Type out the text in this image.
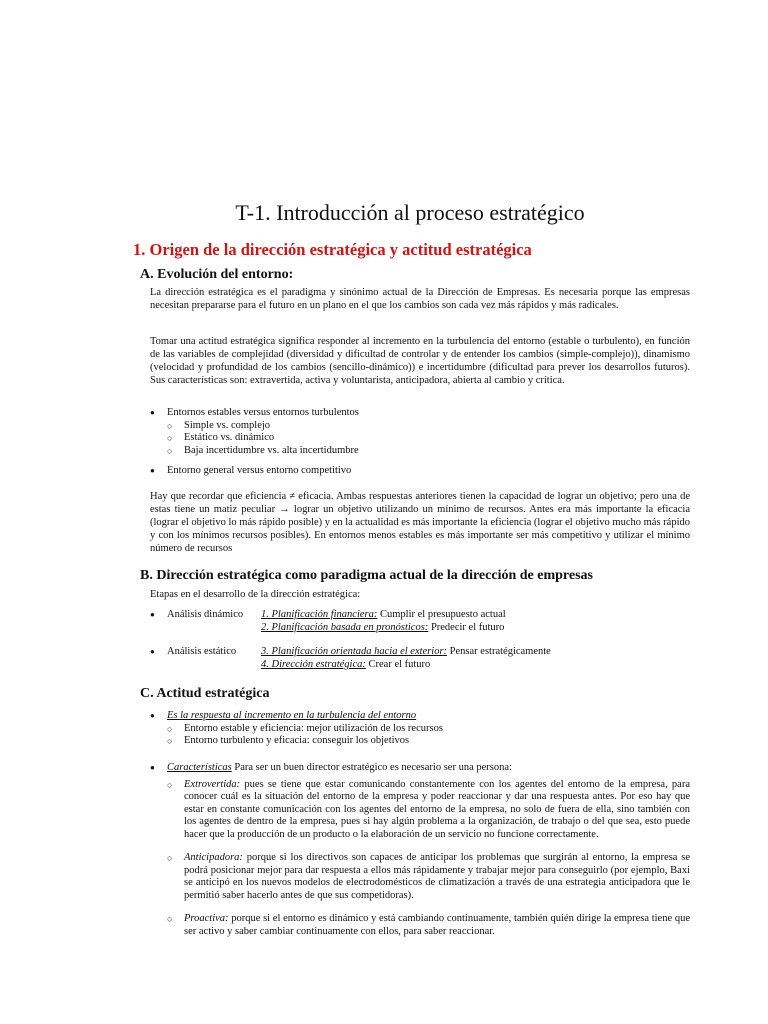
T-1. Introducción al proceso estratégico
1. Origen de la dirección estratégica y actitud estratégica
A. Evolución del entorno:
La dirección estratégica es el paradigma y sinónimo actual de la Dirección de Empresas. Es necesaria porque las empresas necesitan prepararse para el futuro en un plano en el que los cambios son cada vez más rápidos y más radicales.
Tomar una actitud estratégica significa responder al incremento en la turbulencia del entorno (estable o turbulento), en función de las variables de complejidad (diversidad y dificultad de controlar y de entender los cambios (simple-complejo)), dinamismo (velocidad y profundidad de los cambios (sencillo-dinámico)) e incertidumbre (dificultad para prever los desarrollos futuros). Sus características son: extravertida, activa y voluntarista, anticipadora, abierta al cambio y crítica.
● Entornos estables versus entornos turbulentos
○ Simple vs. complejo
○ Estático vs. dinámico
○ Baja incertidumbre vs. alta incertidumbre
● Entorno general versus entorno competitivo
Hay que recordar que eficiencia ≠ eficacia. Ambas respuestas anteriores tienen la capacidad de lograr un objetivo; pero una de estas tiene un matiz peculiar → lograr un objetivo utilizando un mínimo de recursos. Antes era más importante la eficacia (lograr el objetivo lo más rápido posible) y en la actualidad es más importante la eficiencia (lograr el objetivo mucho más rápido y con los mínimos recursos posibles). En entornos menos estables es más importante ser más competitivo y utilizar el mínimo número de recursos
B. Dirección estratégica como paradigma actual de la dirección de empresas
Etapas en el desarrollo de la dirección estratégica:
● Análisis dinámico	1. Planificación financiera: Cumplir el presupuesto actual
2. Planificación basada en pronósticos: Predecir el futuro
● Análisis estático	3. Planificación orientada hacia el exterior: Pensar estratégicamente
4. Dirección estratégica: Crear el futuro
C. Actitud estratégica
● Es la respuesta al incremento en la turbulencia del entorno
○ Entorno estable y eficiencia: mejor utilización de los recursos
○ Entorno turbulento y eficacia: conseguir los objetivos
● Características Para ser un buen director estratégico es necesario ser una persona:
○ Extrovertida: pues se tiene que estar comunicando constantemente con los agentes del entorno de la empresa, para conocer cuál es la situación del entorno de la empresa y poder reaccionar y dar una respuesta antes. Por eso hay que estar en constante comunicación con los agentes del entorno de la empresa, no solo de fuera de ella, sino también con los agentes de dentro de la empresa, pues si hay algún problema a la organización, de trabajo o del que sea, esto puede hacer que la producción de un producto o la elaboración de un servicio no funcione correctamente.
○ Anticipadora: porque si los directivos son capaces de anticipar los problemas que surgirán al entorno, la empresa se podrá posicionar mejor para dar respuesta a ellos más rápidamente y trabajar mejor para conseguirlo (por ejemplo, Baxi se anticipó en los nuevos modelos de electrodomésticos de climatización a través de una estrategia anticipadora que le permitió saber hacerlo antes de que sus competidoras).
○ Proactiva: porque si el entorno es dinámico y está cambiando continuamente, también quién dirige la empresa tiene que ser activo y saber cambiar continuamente con ellos, para saber reaccionar.
